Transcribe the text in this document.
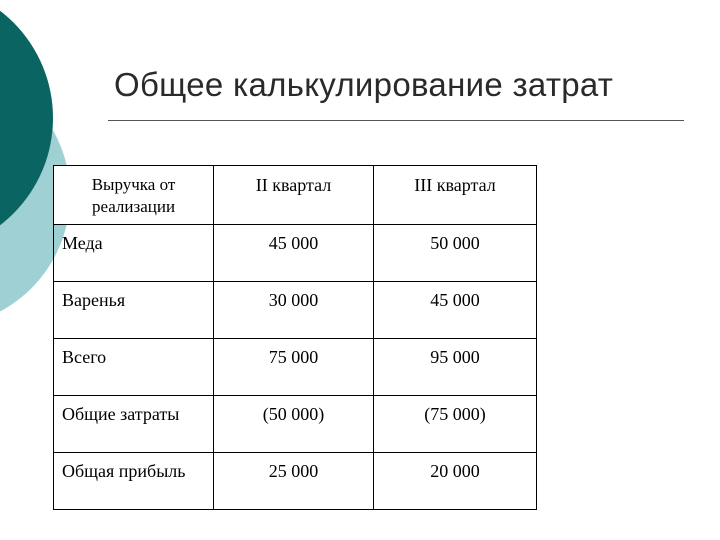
Общее калькулирование затрат
Выручка от
реализации	II квартал	III квартал

Меда	45 000	50 000

Варенья	30 000	45 000

Всего	75 000	95 000

Общие затраты	(50 000)	(75 000)

Общая прибыль	25 000	20 000
